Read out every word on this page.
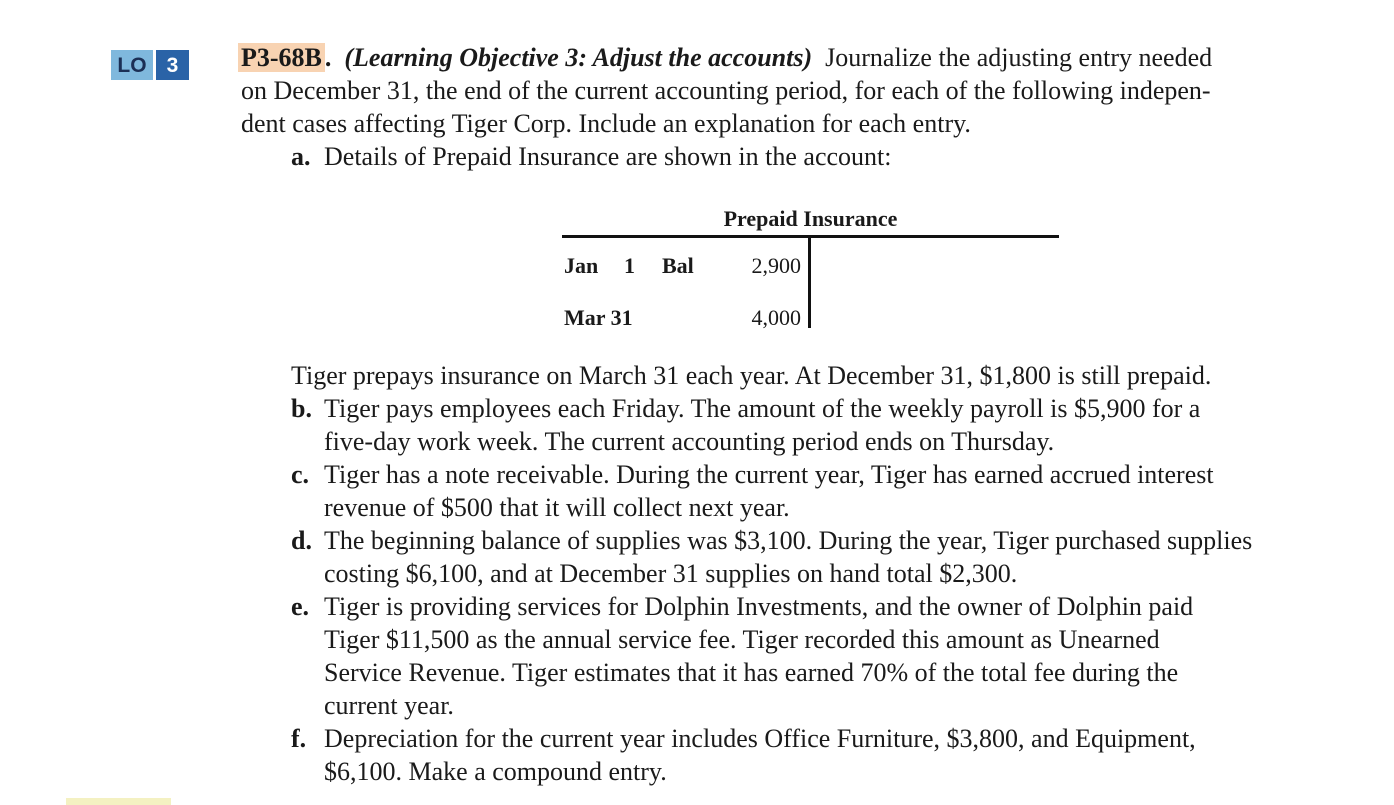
LO 3	P3-68B . (Learning Objective 3: Adjust the accounts) Journalize the adjusting entry needed
on December 31, the end of the current accounting period, for each of the following indepen-
dent cases affecting Tiger Corp. Include an explanation for each entry.
a. Details of Prepaid Insurance are shown in the account:
Prepaid Insurance
Jan 1 Bal	2,900
Mar 31	4,000
Tiger prepays insurance on March 31 each year. At December 31, $1,800 is still prepaid.
b. Tiger pays employees each Friday. The amount of the weekly payroll is $5,900 for a
five-day work week. The current accounting period ends on Thursday.
c. Tiger has a note receivable. During the current year, Tiger has earned accrued interest
revenue of $500 that it will collect next year.
d. The beginning balance of supplies was $3,100. During the year, Tiger purchased supplies
costing $6,100, and at December 31 supplies on hand total $2,300.
e. Tiger is providing services for Dolphin Investments, and the owner of Dolphin paid
Tiger $11,500 as the annual service fee. Tiger recorded this amount as Unearned
Service Revenue. Tiger estimates that it has earned 70% of the total fee during the
current year.
f. Depreciation for the current year includes Office Furniture, $3,800, and Equipment,
$6,100. Make a compound entry.
